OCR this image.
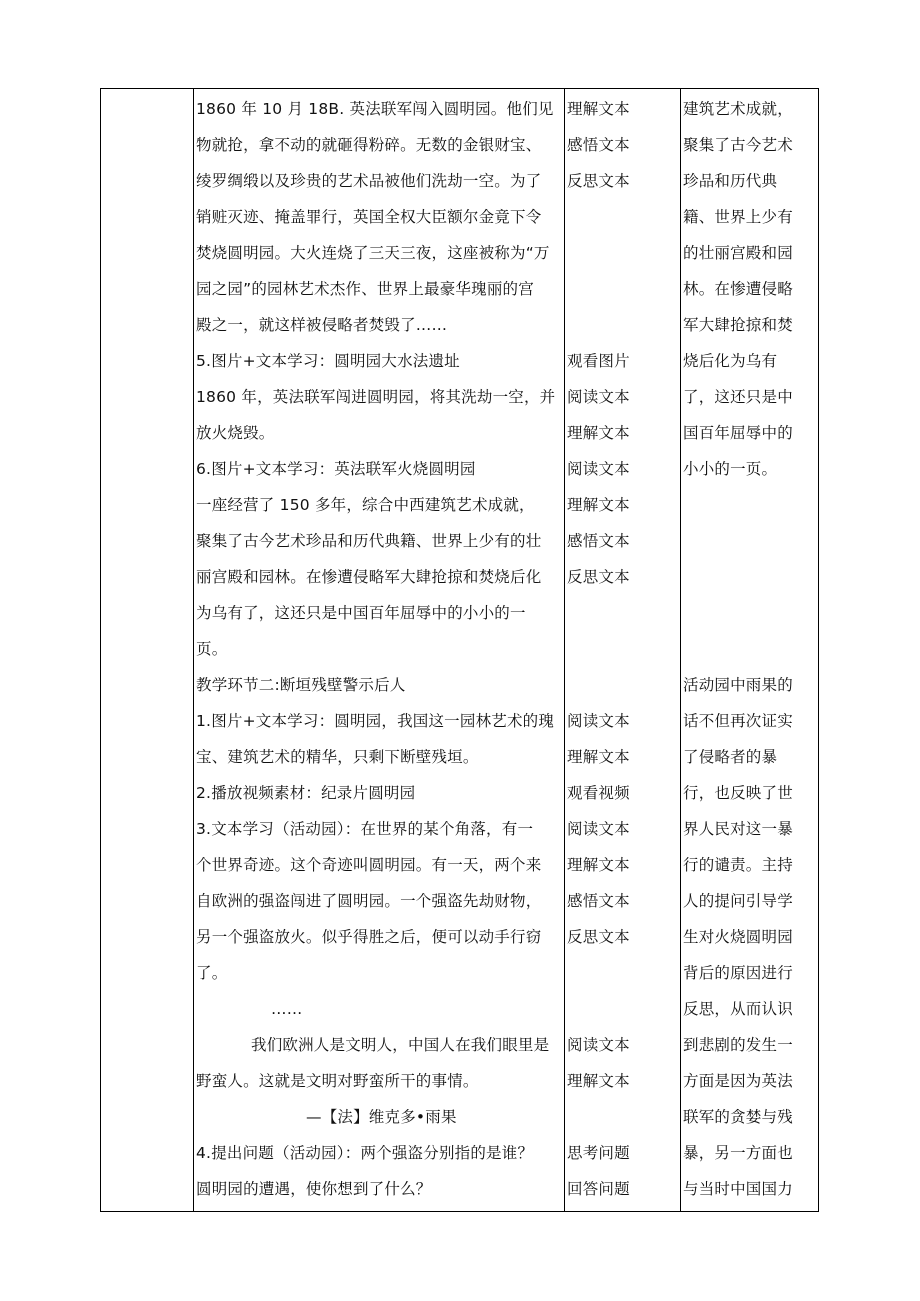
1860 年 10 月 18B. 英法联军闯入圆明园。他们见
物就抢，拿不动的就砸得粉碎。无数的金银财宝、
绫罗绸缎以及珍贵的艺术品被他们洗劫一空。为了
销赃灭迹、掩盖罪行，英国全权大臣额尔金竟下令
焚烧圆明园。大火连烧了三天三夜，这座被称为“万
园之园”的园林艺术杰作、世界上最豪华瑰丽的宫
殿之一，就这样被侵略者焚毁了……
5.图片+文本学习：圆明园大水法遗址
1860 年，英法联军闯进圆明园，将其洗劫一空，并
放火烧毁。
6.图片+文本学习：英法联军火烧圆明园
一座经营了 150 多年，综合中西建筑艺术成就，
聚集了古今艺术珍品和历代典籍、世界上少有的壮
丽宫殿和园林。在惨遭侵略军大肆抢掠和焚烧后化
为乌有了，这还只是中国百年屈辱中的小小的一
页。
教学环节二:断垣残壁警示后人
1.图片+文本学习：圆明园，我国这一园林艺术的瑰
宝、建筑艺术的精华，只剩下断壁残垣。
2.播放视频素材：纪录片圆明园
3.文本学习（活动园）：在世界的某个角落，有一
个世界奇迹。这个奇迹叫圆明园。有一天，两个来
自欧洲的强盗闯进了圆明园。一个强盗先劫财物，
另一个强盗放火。似乎得胜之后，便可以动手行窃
了。
……
我们欧洲人是文明人，中国人在我们眼里是
野蛮人。这就是文明对野蛮所干的事情。
—【法】维克多•雨果
4.提出问题（活动园）：两个强盗分别指的是谁？
圆明园的遭遇，使你想到了什么？
理解文本
感悟文本
反思文本
观看图片
阅读文本
理解文本
阅读文本
理解文本
感悟文本
反思文本
阅读文本
理解文本
观看视频
阅读文本
理解文本
感悟文本
反思文本
阅读文本
理解文本
思考问题
回答问题
建筑艺术成就，
聚集了古今艺术
珍品和历代典
籍、世界上少有
的壮丽宫殿和园
林。在惨遭侵略
军大肆抢掠和焚
烧后化为乌有
了，这还只是中
国百年屈辱中的
小小的一页。
活动园中雨果的
话不但再次证实
了侵略者的暴
行，也反映了世
界人民对这一暴
行的谴责。主持
人的提问引导学
生对火烧圆明园
背后的原因进行
反思，从而认识
到悲剧的发生一
方面是因为英法
联军的贪婪与残
暴，另一方面也
与当时中国国力
